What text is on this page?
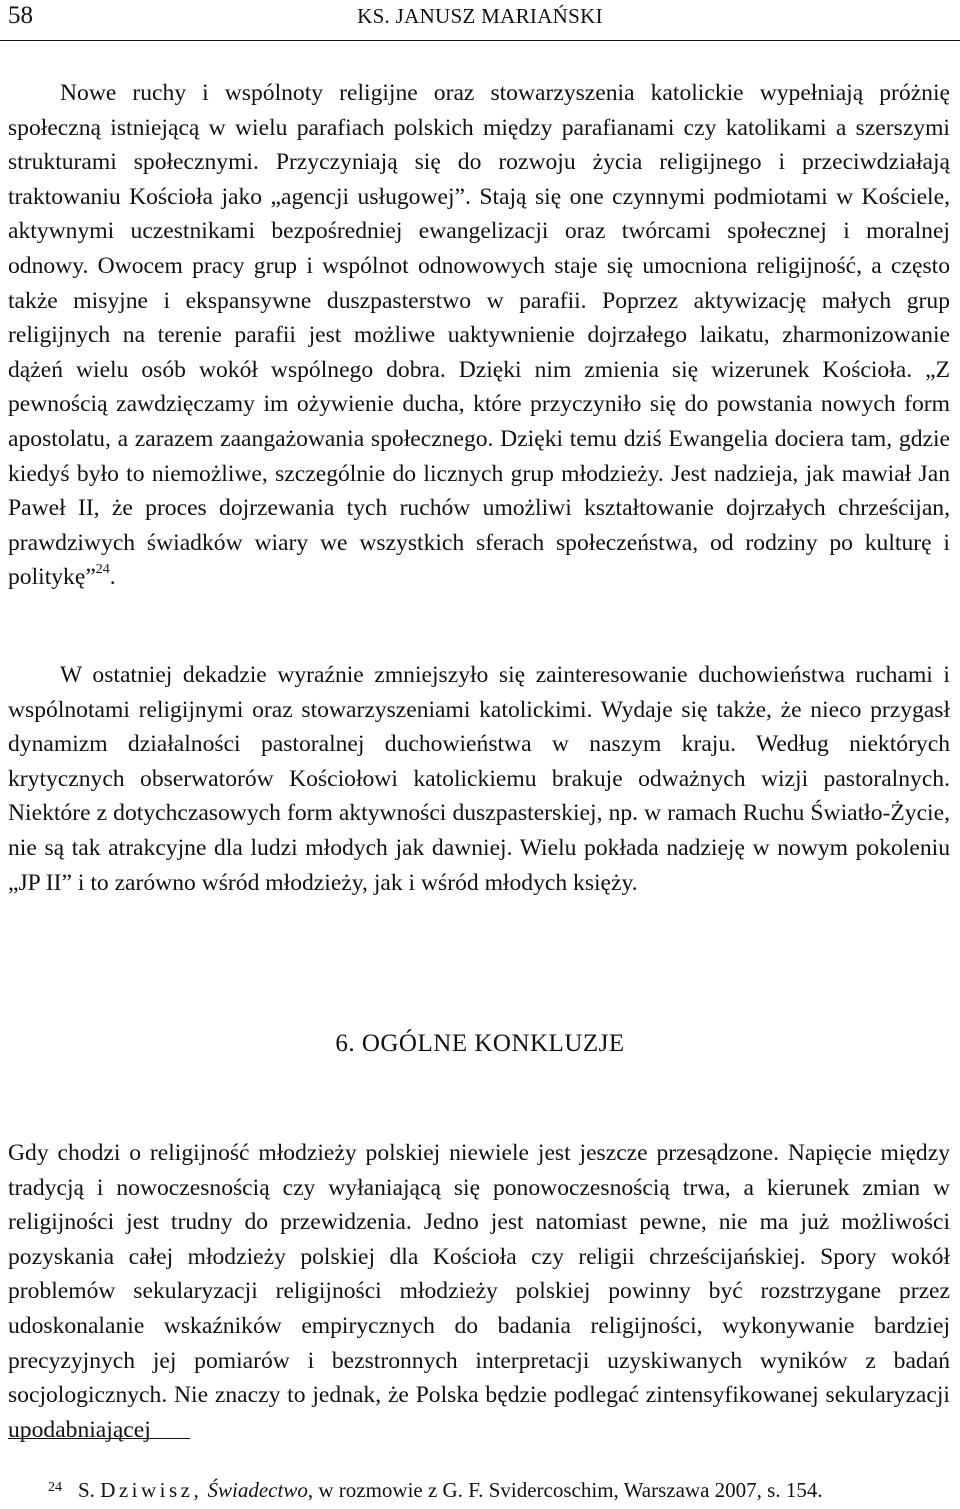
58	KS. JANUSZ MARIAŃSKI

Nowe ruchy i wspólnoty religijne oraz stowarzyszenia katolickie wypełniają próżnię społeczną istniejącą w wielu parafiach polskich między parafianami czy katolikami a szerszymi strukturami społecznymi. Przyczyniają się do rozwoju życia religijnego i przeciwdziałają traktowaniu Kościoła jako „agencji usługowej”. Stają się one czynnymi podmiotami w Kościele, aktywnymi uczestnikami bezpośredniej ewangelizacji oraz twórcami społecznej i moralnej odnowy. Owocem pracy grup i wspólnot odnowowych staje się umocniona religijność, a często także misyjne i ekspansywne duszpasterstwo w parafii. Poprzez aktywizację małych grup religijnych na terenie parafii jest możliwe uaktywnienie dojrzałego laikatu, zharmonizowanie dążeń wielu osób wokół wspólnego dobra. Dzięki nim zmienia się wizerunek Kościoła. „Z pewnością zawdzięczamy im ożywienie ducha, które przyczyniło się do powstania nowych form apostolatu, a zarazem zaangażowania społecznego. Dzięki temu dziś Ewangelia dociera tam, gdzie kiedyś było to niemożliwe, szczególnie do licznych grup młodzieży. Jest nadzieja, jak mawiał Jan Paweł II, że proces dojrzewania tych ruchów umożliwi kształtowanie dojrzałych chrześcijan, prawdziwych świadków wiary we wszystkich sferach społeczeństwa, od rodziny po kulturę i politykę”$^{24}$.

W ostatniej dekadzie wyraźnie zmniejszyło się zainteresowanie duchowieństwa ruchami i wspólnotami religijnymi oraz stowarzyszeniami katolickimi. Wydaje się także, że nieco przygasł dynamizm działalności pastoralnej duchowieństwa w naszym kraju. Według niektórych krytycznych obserwatorów Kościołowi katolickiemu brakuje odważnych wizji pastoralnych. Niektóre z dotychczasowych form aktywności duszpasterskiej, np. w ramach Ruchu Światło-Życie, nie są tak atrakcyjne dla ludzi młodych jak dawniej. Wielu pokłada nadzieję w nowym pokoleniu „JP II” i to zarówno wśród młodzieży, jak i wśród młodych księży.

6. OGÓLNE KONKLUZJE

Gdy chodzi o religijność młodzieży polskiej niewiele jest jeszcze przesądzone. Napięcie między tradycją i nowoczesnością czy wyłaniającą się ponowoczesnością trwa, a kierunek zmian w religijności jest trudny do przewidzenia. Jedno jest natomiast pewne, nie ma już możliwości pozyskania całej młodzieży polskiej dla Kościoła czy religii chrześcijańskiej. Spory wokół problemów sekularyzacji religijności młodzieży polskiej powinny być rozstrzygane przez udoskonalanie wskaźników empirycznych do badania religijności, wykonywanie bardziej precyzyjnych jej pomiarów i bezstronnych interpretacji uzyskiwanych wyników z badań socjologicznych. Nie znaczy to jednak, że Polska będzie podlegać zintensyfikowanej sekularyzacji upodabniającej

24 S. Dziwisz, Świadectwo, w rozmowie z G. F. Svidercoschim, Warszawa 2007, s. 154.
